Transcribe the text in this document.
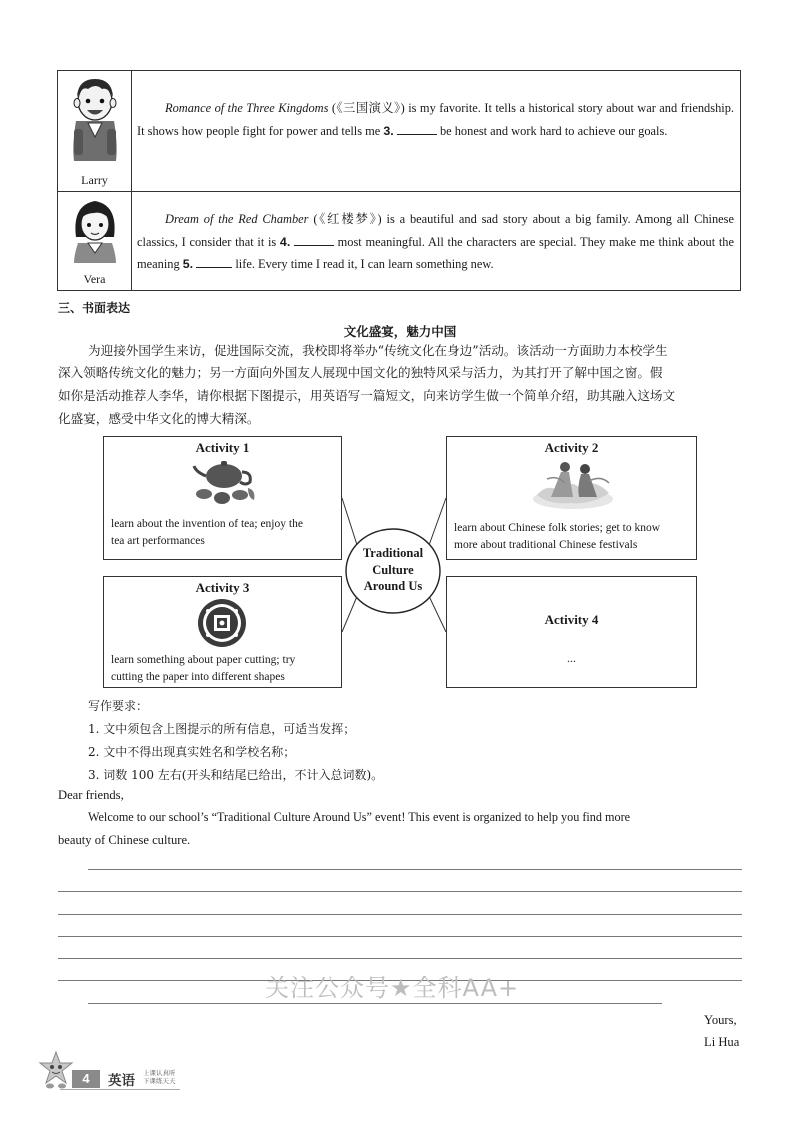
Larry
Romance of the Three Kingdoms (《三国演义》) is my favorite. It tells a historical story about war and friendship. It shows how people fight for power and tells me 3.	be honest and work hard to achieve our goals.
Vera
Dream of the Red Chamber (《红楼梦》) is a beautiful and sad story about a big family. Among all Chinese classics, I consider that it is 4.	most meaningful. All the characters are special. They make me think about the meaning 5.	life. Every time I read it, I can learn something new.
三、书面表达
文化盛宴，魅力中国
为迎接外国学生来访，促进国际交流，我校即将举办“传统文化在身边”活动。该活动一方面助力本校学生
深入领略传统文化的魅力；另一方面向外国友人展现中国文化的独特风采与活力，为其打开了解中国之窗。假
如你是活动推荐人李华，请你根据下图提示，用英语写一篇短文，向来访学生做一个简单介绍，助其融入这场文
化盛宴，感受中华文化的博大精深。
Traditional
Culture
Around Us
Activity 1
learn about the invention of tea; enjoy the
tea art performances
Activity 2
learn about Chinese folk stories; get to know
more about traditional Chinese festivals
Activity 3
learn something about paper cutting; try
cutting the paper into different shapes
Activity 4
...
写作要求：
1. 文中须包含上图提示的所有信息，可适当发挥；
2. 文中不得出现真实姓名和学校名称；
3. 词数 100 左右(开头和结尾已给出，不计入总词数)。
Dear friends,
Welcome to our school’s “Traditional Culture Around Us” event! This event is organized to help you find more
beauty of Chinese culture.
关注公众号★全科AA+
Yours,
Li Hua
4	英语 上课认真听
下课练天天
